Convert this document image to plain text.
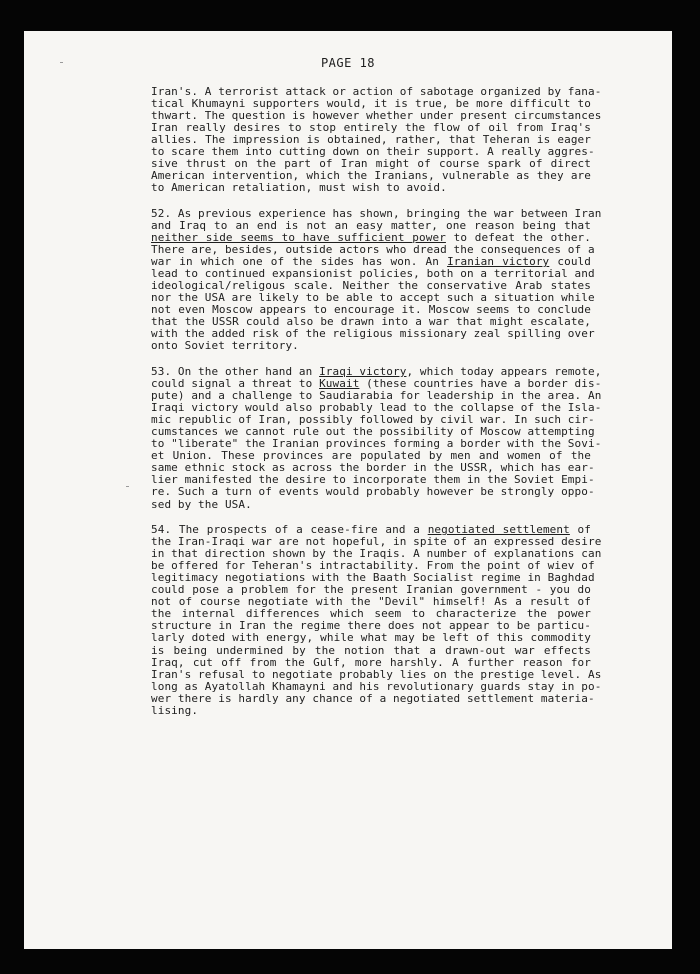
PAGE 18
Iran's. A terrorist attack or action of sabotage organized by fana-
tical Khumayni supporters would, it is true, be more difficult to
thwart. The question is however whether under present circumstances
Iran really desires to stop entirely the flow of oil from Iraq's
allies. The impression is obtained, rather, that Teheran is eager
to scare them into cutting down on their support. A really aggres-
sive thrust on the part of Iran might of course spark of direct
American intervention, which the Iranians, vulnerable as they are
to American retaliation, must wish to avoid.
52. As previous experience has shown, bringing the war between Iran
and Iraq to an end is not an easy matter, one reason being that
neither side seems to have sufficient power to defeat the other.
There are, besides, outside actors who dread the consequences of a
war in which one of the sides has won. An Iranian victory could
lead to continued expansionist policies, both on a territorial and
ideological/religous scale. Neither the conservative Arab states
nor the USA are likely to be able to accept such a situation while
not even Moscow appears to encourage it. Moscow seems to conclude
that the USSR could also be drawn into a war that might escalate,
with the added risk of the religious missionary zeal spilling over
onto Soviet territory.
53. On the other hand an Iraqi victory, which today appears remote,
could signal a threat to Kuwait (these countries have a border dis-
pute) and a challenge to Saudiarabia for leadership in the area. An
Iraqi victory would also probably lead to the collapse of the Isla-
mic republic of Iran, possibly followed by civil war. In such cir-
cumstances we cannot rule out the possibility of Moscow attempting
to "liberate" the Iranian provinces forming a border with the Sovi-
et Union. These provinces are populated by men and women of the
same ethnic stock as across the border in the USSR, which has ear-
lier manifested the desire to incorporate them in the Soviet Empi-
re. Such a turn of events would probably however be strongly oppo-
sed by the USA.
54. The prospects of a cease-fire and a negotiated settlement of
the Iran-Iraqi war are not hopeful, in spite of an expressed desire
in that direction shown by the Iraqis. A number of explanations can
be offered for Teheran's intractability. From the point of wiev of
legitimacy negotiations with the Baath Socialist regime in Baghdad
could pose a problem for the present Iranian government - you do
not of course negotiate with the "Devil" himself! As a result of
the internal differences which seem to characterize the power
structure in Iran the regime there does not appear to be particu-
larly doted with energy, while what may be left of this commodity
is being undermined by the notion that a drawn-out war effects
Iraq, cut off from the Gulf, more harshly. A further reason for
Iran's refusal to negotiate probably lies on the prestige level. As
long as Ayatollah Khamayni and his revolutionary guards stay in po-
wer there is hardly any chance of a negotiated settlement materia-
lising.
